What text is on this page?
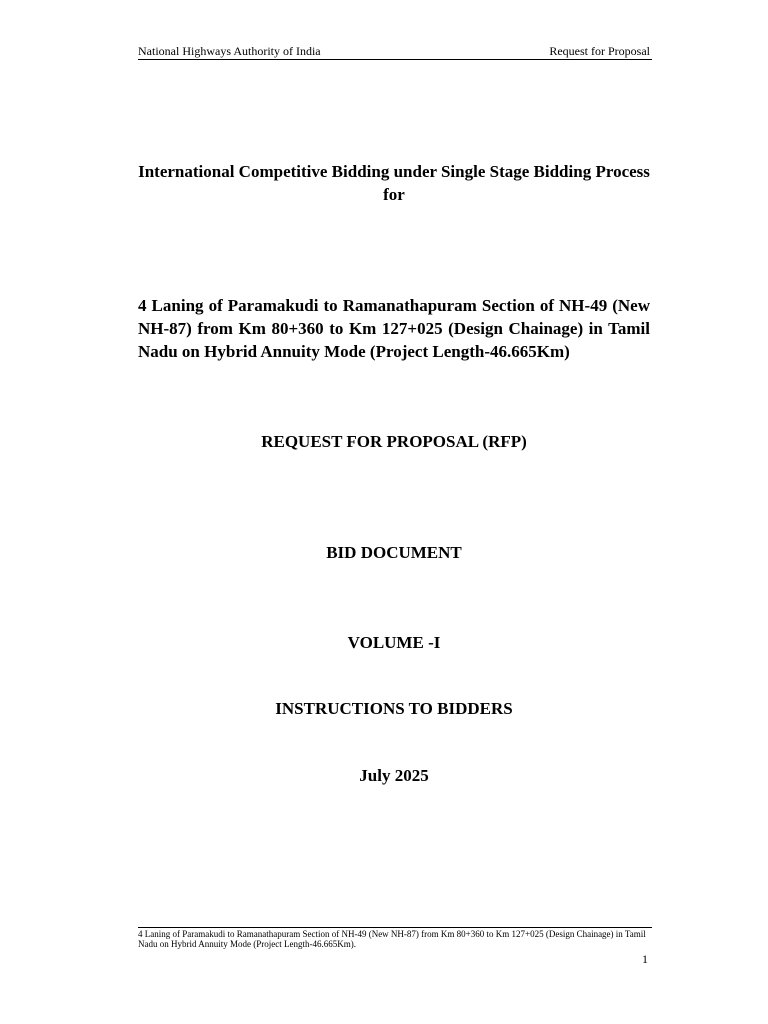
National Highways Authority of India	Request for Proposal
International Competitive Bidding under Single Stage Bidding Process for
4 Laning of Paramakudi to Ramanathapuram Section of NH-49 (New NH-87) from Km 80+360 to Km 127+025 (Design Chainage) in Tamil Nadu on Hybrid Annuity Mode (Project Length-46.665Km)
REQUEST FOR PROPOSAL (RFP)
BID DOCUMENT
VOLUME -I
INSTRUCTIONS TO BIDDERS
July 2025
4 Laning of Paramakudi to Ramanathapuram Section of NH-49 (New NH-87) from Km 80+360 to Km 127+025 (Design Chainage) in Tamil Nadu on Hybrid Annuity Mode (Project Length-46.665Km).
1
